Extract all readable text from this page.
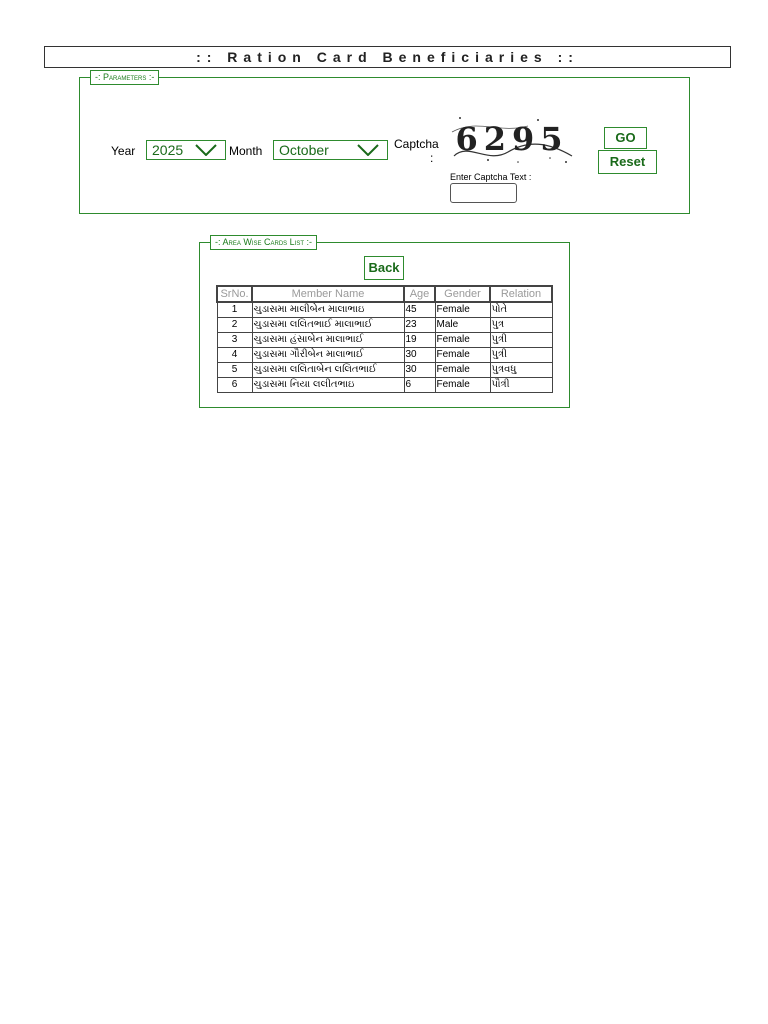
:: Ration Card Beneficiaries ::
-: Parameters :-
Year	2025	Month	October	Captcha
: 6295
Enter Captcha Text :
GO
Reset
-: Area Wise Cards List :-
Back
SrNo.	Member Name	Age	Gender	Relation
1	ચુડાસમા માલીબેન માલાભાઇ	45	Female	પોતે
2	ચુડાસમા લલિતભાઈ માલાભાઈ	23	Male	પુત્ર
3	ચુડાસમા હંસાબેન માલાભાઈ	19	Female	પુત્રી
4	ચુડાસમા ગૌરીબેન માલાભાઈ	30	Female	પુત્રી
5	ચુડાસમા લલિતાબેન લલિતભાઈ	30	Female	પુત્રવધુ
6	ચુડાસમા નિયા લલીતભાઇ	6	Female	પૌત્રી
